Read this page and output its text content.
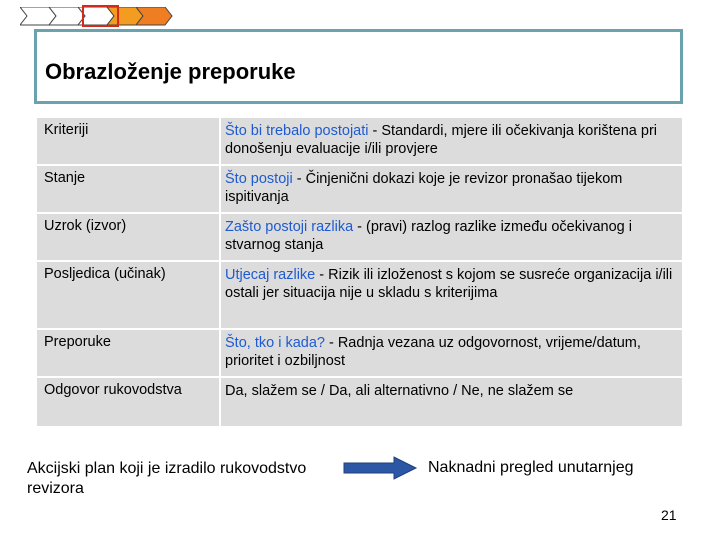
Obrazloženje preporuke
Kriteriji	Što bi trebalo postojati - Standardi, mjere ili očekivanja korištena pri donošenju evaluacije i/ili provjere
Stanje	Što postoji - Činjenični dokazi koje je revizor pronašao tijekom ispitivanja
Uzrok (izvor)	Zašto postoji razlika - (pravi) razlog razlike između očekivanog i stvarnog stanja
Posljedica (učinak)	Utjecaj razlike - Rizik ili izloženost s kojom se susreće organizacija i/ili ostali jer situacija nije u skladu s kriterijima
Preporuke	Što, tko i kada? - Radnja vezana uz odgovornost, vrijeme/datum, prioritet i ozbiljnost
Odgovor rukovodstva	Da, slažem se / Da, ali alternativno / Ne, ne slažem se
Akcijski plan koji je izradilo rukovodstvo revizora
Naknadni pregled unutarnjeg
21
